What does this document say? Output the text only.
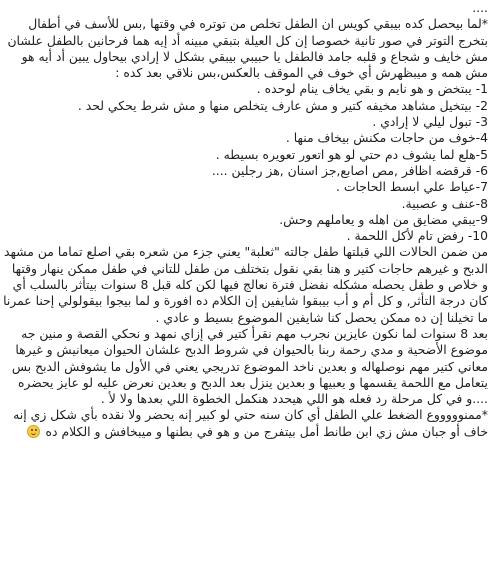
....

*لما بيحصل كده بيبقي كويس ان الطفل تخلص من توتره في وقتها ,بس للأسف في أطفال بتخرج التوتر في صور تانية خصوصا إن كل العيلة بتبقي مبينه أد إيه هما فرحانين بالطفل علشان مش خايف و شجاع و قلبه جامد فالطفل يا حبيبي بيبقي بشكل لا إرادي بيحاول يبين أد أيه هو مش همه و ميبظهرش أي خوف في الموقف بالعكس،بس نلاقي بعد كده :

1- يبتخض و هو نايم و بقي يخاف ينام لوحده .

2- بيتخيل مشاهد مخيفه كتير و مش عارف يتخلص منها و مش شرط يحكي لحد .

3- تبول ليلي لا إرادي .

4-خوف من حاجات مكنش بيخاف منها .

5-هلع لما يشوف دم حتي لو هو اتعور تعويره بسيطه .

6- قرقضه اظافر ,مص اصابع,جز اسنان ,هز رجلين ....

7-عياط علي ابسط الحاجات .

8-عنف و عصبية.

9-يبقي مضايق من اهله و يعاملهم وحش.

10- رفض تام لأكل اللحمة .

من ضمن الحالات اللي قبلتها طفل جالته "ثعلبة" يعني جزء من شعره بقي اصلع تماما من مشهد الدبح و غيرهم حاجات كتير و هنا بقي نقول بتختلف من طفل للتاني في طفل ممكن ينهار وقتها و خلاص و طفل يحصله مشكله نفضل فترة نعالج فيها لكن كله قبل 8 سنوات بيتأثر بالسلب أي كان درجة التأثر, و كل أم و أب بيبقوا شايفين إن الكلام ده افورة و لما بيجوا بيقولولي إحنا عمرنا ما تخيلنا إن ده ممكن يحصل كنا شايفين الموضوع بسيط و عادي .

بعد 8 سنوات لما نكون عايزين نجرب مهم نقرأ كتير في إزاي نمهد و نحكي القصة و منين جه موضوع الأضحية و مدي رحمة ربنا بالحيوان في شروط الدبح علشان الحيوان ميعانيش و غيرها معاني كتير مهم نوصلهاله و بعدين ناخد الموضوع تدريجي يعني في الأول ما يشوفش الدبح بس يتعامل مع اللحمة يقسمها و يعبيها و بعدين ينزل بعد الدبح و بعدين نعرض عليه لو عايز يحضره ....و في كل مرحلة رد فعله هو اللي هيحدد هنكمل الخطوة اللي بعدها ولا لأ .

*ممنوووووع الضغط علي الطفل أي كان سنه حتي لو كبير إنه يحضر ولا نقده بأي شكل زي إنه خاف أو جبان مش زي ابن طانط أمل بيتفرج من و هو في بطنها و ميبخافش و الكلام ده
